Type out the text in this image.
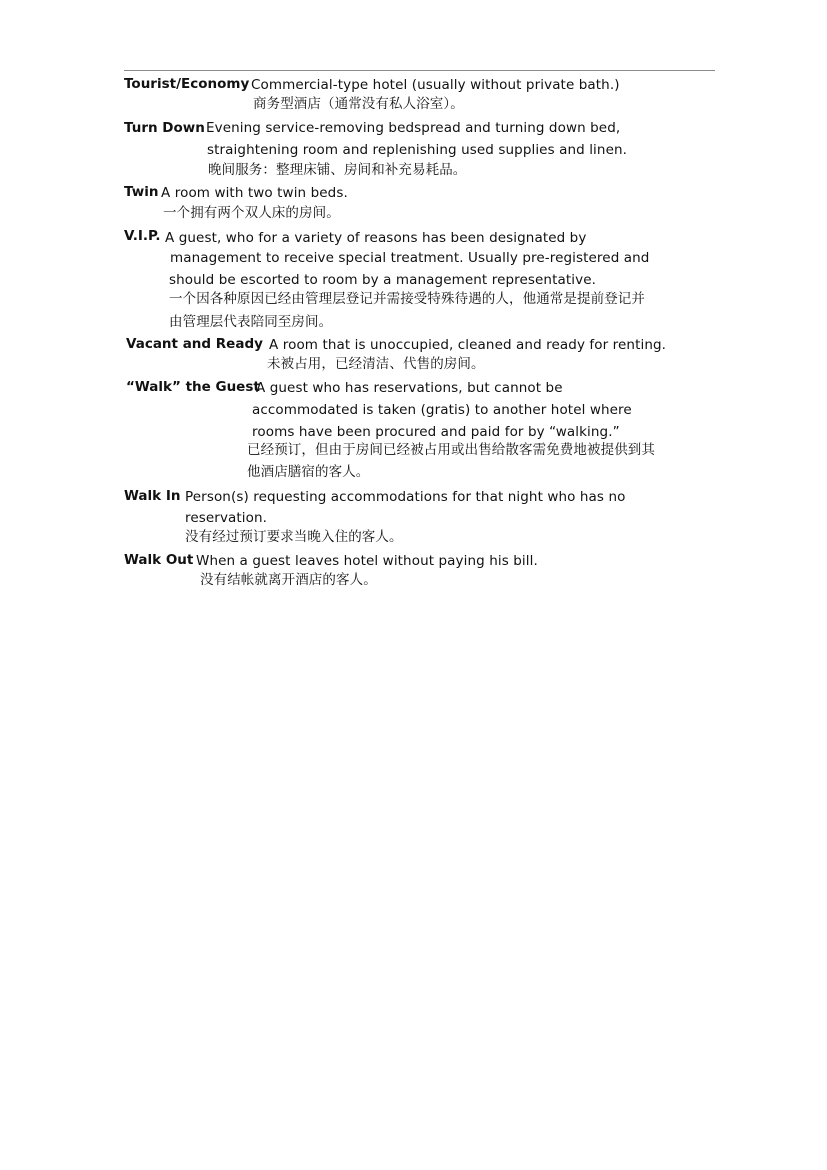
Tourist/Economy Commercial-type hotel (usually without private bath.)
商务型酒店（通常没有私人浴室）。
Turn Down Evening service-removing bedspread and turning down bed,
straightening room and replenishing used supplies and linen.
晚间服务：整理床铺、房间和补充易耗品。
Twin A room with two twin beds.
一个拥有两个双人床的房间。
V.I.P. A guest, who for a variety of reasons has been designated by
management to receive special treatment. Usually pre-registered and
should be escorted to room by a management representative.
一个因各种原因已经由管理层登记并需接受特殊待遇的人，他通常是提前登记并
由管理层代表陪同至房间。
Vacant and Ready A room that is unoccupied, cleaned and ready for renting.
未被占用，已经清洁、代售的房间。
“Walk” the Guest
A guest who has reservations, but cannot be
accommodated is taken (gratis) to another hotel where
rooms have been procured and paid for by “walking.”
已经预订，但由于房间已经被占用或出售给散客需免费地被提供到其
他酒店膳宿的客人。
Walk In Person(s) requesting accommodations for that night who has no
reservation.
没有经过预订要求当晚入住的客人。
Walk Out When a guest leaves hotel without paying his bill.
没有结帐就离开酒店的客人。
